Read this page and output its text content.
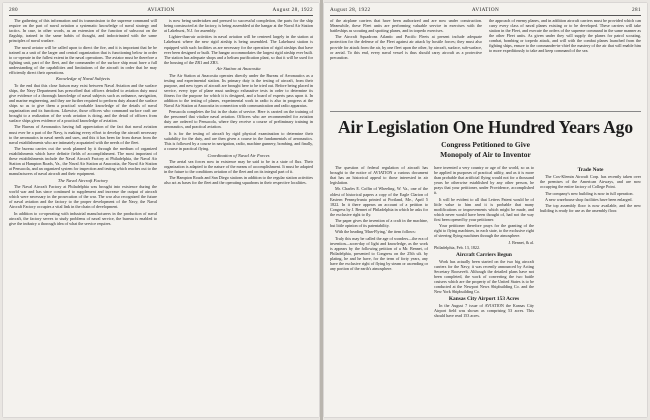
280	AVIATION	August 28, 1922

The gathering of this information and its transmission to the supreme command will require on the part of naval aviation a systematic knowledge of naval strategy and tactics. In case, in other words, as an extension of the function of subscout on the flagship, trained in the same habits of thought, and indoctrinated with the same principles of naval warfare.

The naval aviator will be called upon to direct the fire, and it is important that he be trained as a unit of the larger and central organization that is functioning below in order to co-operate in the fullest extent in the naval operations. The aviator must be therefore a fighting unit, part of the fleet, and the commander of the surface ship must have a full understanding of the capabilities and limitations of the aircraft in order that he may efficiently direct their operations.

Knowledge of Naval Subjects

To the end that this close liaison may exist between Naval Aviation and the surface ships, the Navy Department has prescribed that officers detailed to aviation duty must give evidence of a thorough knowledge of naval subjects such as ordnance, navigation, and marine engineering, and they are further required to perform duty aboard the surface ships so as to give them a practical workable knowledge of the details of naval organization and its functions. Likewise, those officers who command surface craft are brought to a realization of the work aviation is doing, and the detail of officers from surface ships gives evidence of a practical knowledge of aviation.

The Bureau of Aeronautics having full appreciation of the fact that naval aviation must ever be a part of the Navy, is making every effort to develop the aircraft necessary to the aeronautics in naval needs and uses, and this it has been far from drawn from the naval establishments who are intimately acquainted with the needs of the fleet.

The bureau carries out the work planned by it through the medium of organized establishments which have definite fields of accomplishment. The most important of these establishments include the Naval Aircraft Factory at Philadelphia, the Naval Air Station at Hampton Roads, Va., the Naval Air Station at Anacostia, the Naval Air Station at Pensacola, and an organized system for inspection and testing which reaches out to the manufacturers of naval aircraft and their equipment.

The Naval Aircraft Factory

The Naval Aircraft Factory at Philadelphia was brought into existence during the world war and has since continued to supplement and increase the output of aircraft which were necessary in the prosecution of the war. The war also recognized the future of naval aviation and the factory to the proper development of the Navy, the Naval Aircraft Factory occupies a vital link in the chain of development.

In addition to co-operating with industrial manufacturers in the production of naval aircraft, the factory serves to study problems of naval service, the bureau is enabled to give the industry a thorough idea of what the service requires.

is now being undertaken and pressed to successful completion, the parts for the ship being constructed at the factory, is being assembled at the hangar at the Naval Air Station at Lakehurst, N.J. for assembly.

Lighter-than-air activities in naval aviation will be centered largely in the station at Lakehurst where the new rigid airship is being assembled. The Lakehurst station is equipped with such facilities as are necessary for the operation of rigid airships that have ever been designed or built. The hangar accommodates the largest rigid airship ever built. The station has adequate shops and a helium purification plant, so that it will be used for the housing of the ZR1 and ZR3.

Air Station at Anacostia

The Air Station at Anacostia operates directly under the Bureau of Aeronautics as a testing and experimental station. Its primary duty is the testing of aircraft, from their purpose, and new types of aircraft are brought here to be tried out. Before being placed in service, every type of plane must undergo exhaustive tests in order to determine its fitness for the purpose for which it is designed, and a board of experts pass upon it. In addition to the testing of planes, experimental work in radio is also in progress at the Naval Air Station at Anacostia in connection with communication and radio apparatus.

Pensacola completes the list in the chain of service. Here is carried on the training of the personnel that vitalize naval aviation. Officers who are recommended for aviation duty are ordered to Pensacola, where they receive a course of preliminary training in aeronautics, and practical aviation.

It is for the testing of aircraft by rigid physical examination to determine their suitability for the duty, and are then given a course in the fundamentals of aeronautics. This is followed by a course in navigation, radio, machine gunnery, bombing, and finally, a course in practical flying.

Coordination of Naval Air Forces

The aerial sea forces now in existence may be said to be in a state of flux. Their organization is adapted to the nature of the means of accomplishment. It must be adapted in the future to the conditions aviation of the fleet and on its integral part of it.

The Hampton Roads and San Diego stations in addition to the regular station activities also act as bases for the fleet and the operating squadrons in their respective localities.

August 28, 1922	AVIATION	281

of the airplane carriers that have been authorized and are now under construction. Meanwhile, these Fleet units are performing valuable service in exercises with the battleships as scouting and spotting planes, and in torpedo exercises.

The Aircraft Squadrons Atlantic and Pacific Fleets at present include adequate protection for the defense of the Fleet against air attack by hostile forces; they must also provide for attack from the air, by one fleet upon the other, by aircraft, surface, sub-surface, or aerial. To this end, every naval vessel is thus should carry aircraft as a protective precaution.

the approach of enemy planes, and in addition aircraft carriers must be provided which can carry every class of naval planes existing or to be developed. These carriers will take station in the Fleet, and execute the orders of the supreme command in the same manner as the other Fleet units. As given under they will supply the planes for patrol scouting, combat, bombing or torpedo attack, and will with the combat planes launched from the fighting ships, ensure to the commander-in-chief the mastery of the air that will enable him to more expeditiously to take and keep command of the sea.

Air Legislation One Hundred Years Ago
Congress Petitioned to Give
Monopoly of Air to Inventor

The question of federal regulation of aircraft has brought to the notice of AVIATION a curious document that has an historical appeal to those interested in air legislation.

Mr. Charles E. Coffin of Wheeling, W. Va., one of the oldest of historical papers a copy of the Eagle Clarion of Eastern Pennsylvania printed at Portland, Me., April 5 1822. In it there appears an account of a petition to Congress by J. Bennet of Philadelphia in which he asks for the exclusive right to fly.

The paper gives the invention of a craft in the machine, but little opinion of its patentability.

With the heading 'Man-Flying,' the item follows:

Truly this may be called the age of wonders—the era of invention—soon-day of light and knowledge, as the work is appears by the following petition of a Mr. Bennet, of Philadelphia, presented to Congress on the 25th ult. by plating, he and he have, for the term of forty years, any have the exclusive right of flying by steam or ascending or any portion of the earth's atmosphere.

have invented a very country or age of the world, so as to be applied in purposes of practical utility, and as it is more than probable that artificial flying would not for a thousand years be otherwise established by any other person, he prays that your petitioner, under Providence, accomplished it.

It will be evident to all that Letters Patent would be of little value to him and it is probable that many modifications or improvements which might be made, and which never would have been thought of, had not the way first been opened by your petitioner.

Your petitioner therefore prays for the granting of the right to flying machines, in each state, to the exclusive right of steering flying machines through the atmosphere.

J. Bennet, & al.
Philadelphia, Feb. 13, 1822.
Aircraft Carriers Begun

Work has actually been started on the two big aircraft carriers for the Navy, it was recently announced by Acting Secretary Roosevelt. Although the detailed plans have not been completed, the work of converting the two battle cruisers which are the property of the United States is to be conducted at the Newport News Shipbuilding Co. and the New York Shipbuilding Co.

Kansas City Airport 153 Acres

In the August 7 issue of AVIATION the Kansas City Airport field was shown as comprising 53 acres. This should have read 153 acres.

Trade Note

The Cox-Klemin Aircraft Corp. has recently taken over the premises of the American Airways, and are now occupying the entire factory of College Point.

The company's new building is now in full operation.

A new warehouse shop facilities have been enlarged.

The top assembly floor is now available, and the new building is ready for use as the assembly floor.
